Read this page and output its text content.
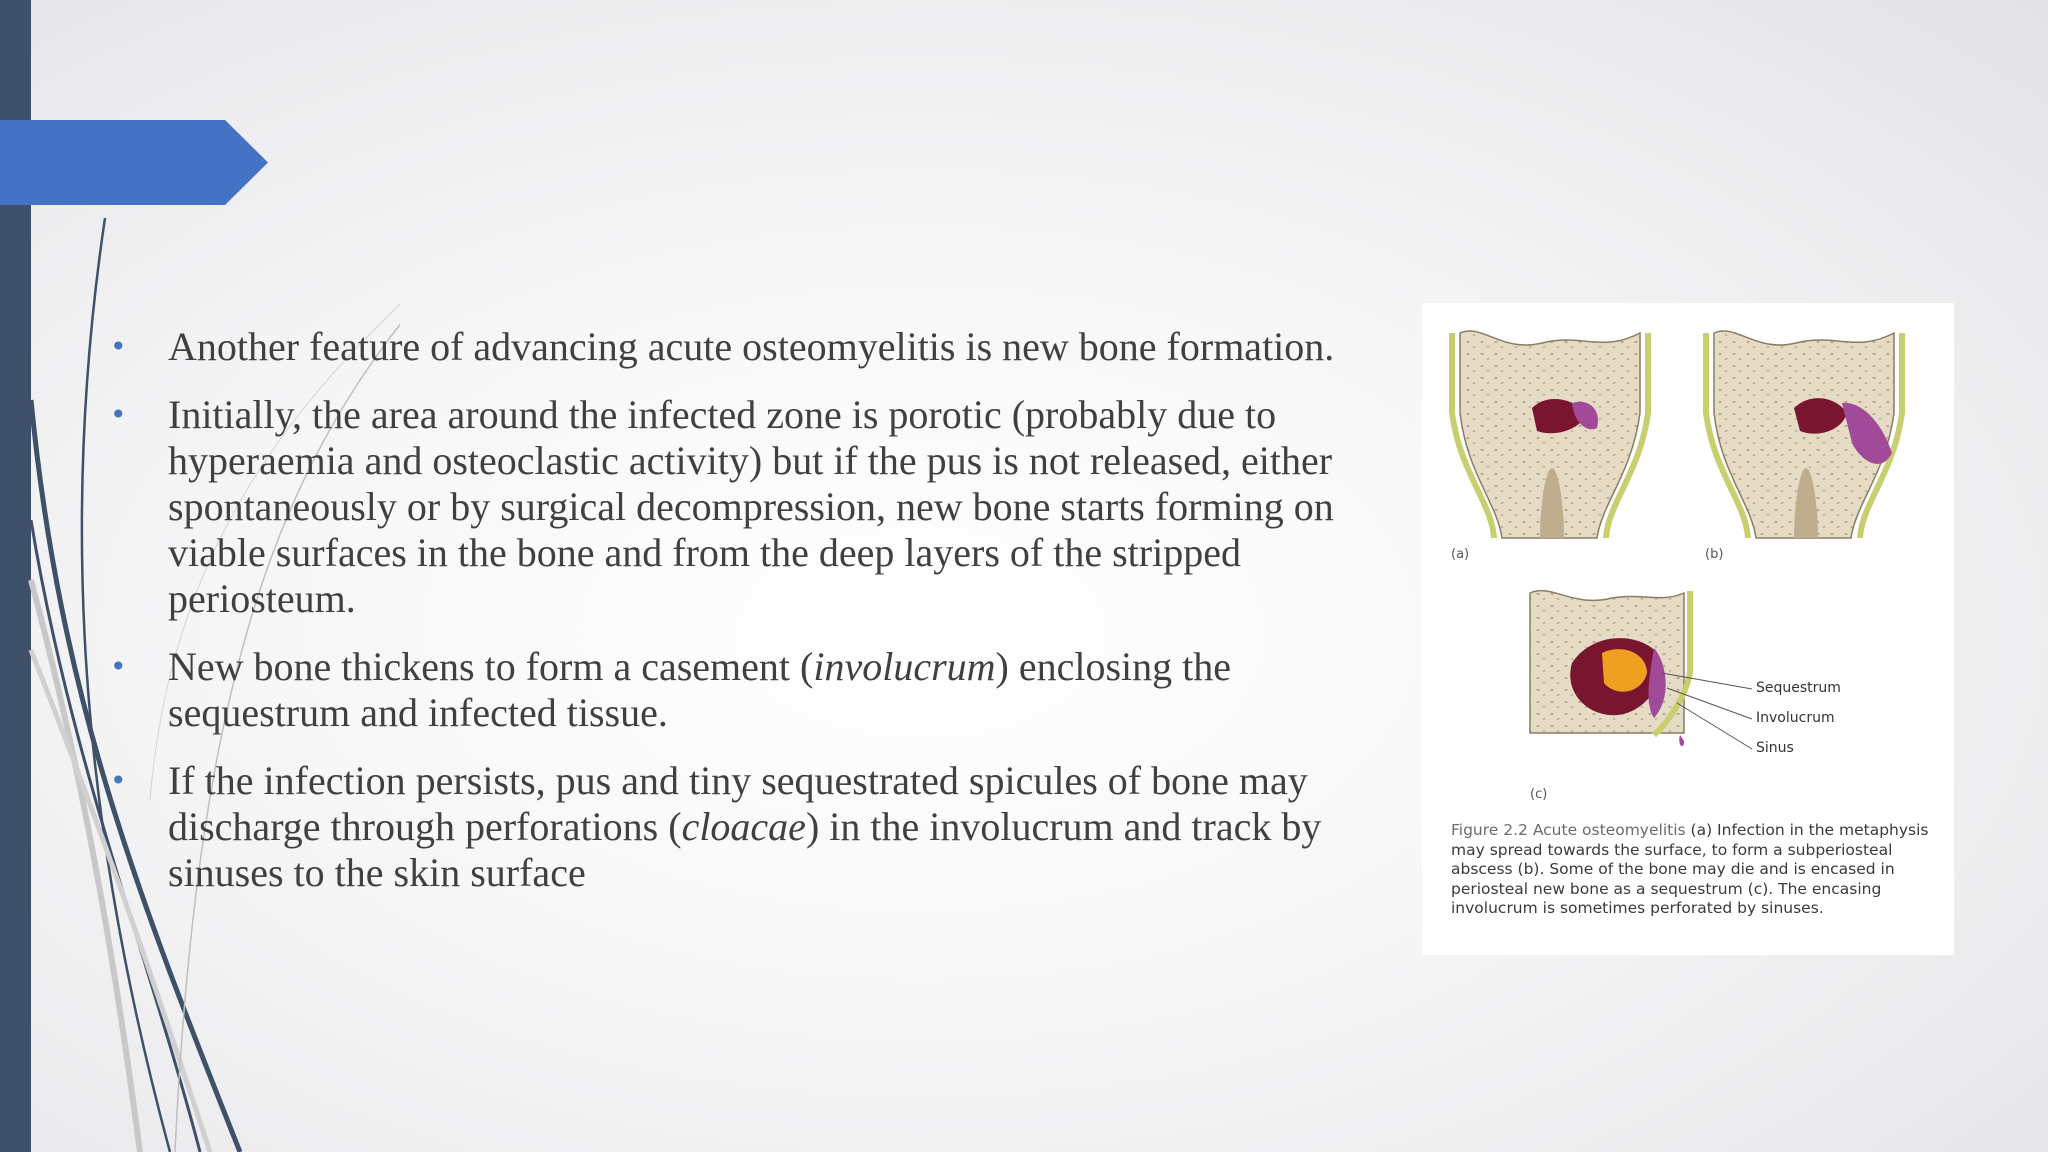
• Another feature of advancing acute osteomyelitis is new bone formation.
• Initially, the area around the infected zone is porotic (probably due to hyperaemia and osteoclastic activity) but if the pus is not released, either spontaneously or by surgical decompression, new bone starts forming on viable surfaces in the bone and from the deep layers of the stripped periosteum.
• New bone thickens to form a casement (involucrum) enclosing the sequestrum and infected tissue.
• If the infection persists, pus and tiny sequestrated spicules of bone may discharge through perforations (cloacae) in the involucrum and track by sinuses to the skin surface
(a)	(b)
(c)
Sequestrum
Involucrum
Sinus
Figure 2.2 Acute osteomyelitis (a) Infection in the metaphysis may spread towards the surface, to form a subperiosteal abscess (b). Some of the bone may die and is encased in periosteal new bone as a sequestrum (c). The encasing involucrum is sometimes perforated by sinuses.
